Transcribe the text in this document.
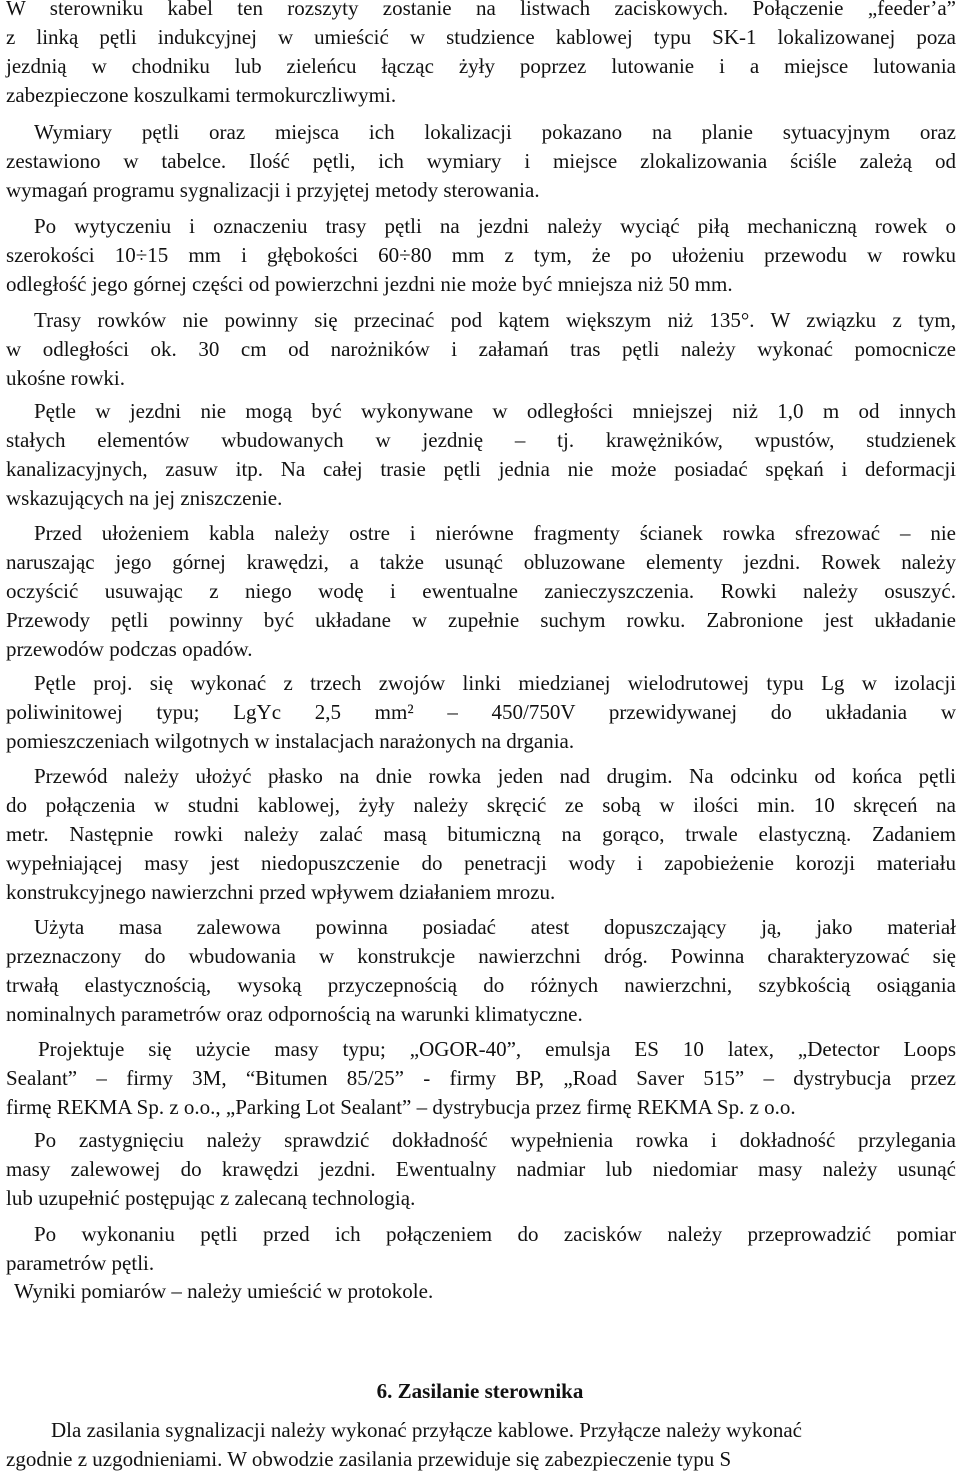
W sterowniku kabel ten rozszyty zostanie na listwach zaciskowych. Połączenie „feeder’a”
z linką pętli indukcyjnej w umieścić w studzience kablowej typu SK-1 lokalizowanej poza
jezdnią w chodniku lub zieleńcu łącząc żyły poprzez lutowanie i a miejsce lutowania
zabezpieczone koszulkami termokurczliwymi.
Wymiary pętli oraz miejsca ich lokalizacji pokazano na planie sytuacyjnym oraz
zestawiono w tabelce. Ilość pętli, ich wymiary i miejsce zlokalizowania ściśle zależą od
wymagań programu sygnalizacji i przyjętej metody sterowania.
Po wytyczeniu i oznaczeniu trasy pętli na jezdni należy wyciąć piłą mechaniczną rowek o
szerokości 10÷15 mm i głębokości 60÷80 mm z tym, że po ułożeniu przewodu w rowku
odległość jego górnej części od powierzchni jezdni nie może być mniejsza niż 50 mm.
Trasy rowków nie powinny się przecinać pod kątem większym niż 135°. W związku z tym,
w odległości ok. 30 cm od narożników i załamań tras pętli należy wykonać pomocnicze
ukośne rowki.
Pętle w jezdni nie mogą być wykonywane w odległości mniejszej niż 1,0 m od innych
stałych elementów wbudowanych w jezdnię – tj. krawężników, wpustów, studzienek
kanalizacyjnych, zasuw itp. Na całej trasie pętli jednia nie może posiadać spękań i deformacji
wskazujących na jej zniszczenie.
Przed ułożeniem kabla należy ostre i nierówne fragmenty ścianek rowka sfrezować – nie
naruszając jego górnej krawędzi, a także usunąć obluzowane elementy jezdni. Rowek należy
oczyścić usuwając z niego wodę i ewentualne zanieczyszczenia. Rowki należy osuszyć.
Przewody pętli powinny być układane w zupełnie suchym rowku. Zabronione jest układanie
przewodów podczas opadów.
Pętle proj. się wykonać z trzech zwojów linki miedzianej wielodrutowej typu Lg w izolacji
poliwinitowej typu; LgYc 2,5 mm² – 450/750V przewidywanej do układania w
pomieszczeniach wilgotnych w instalacjach narażonych na drgania.
Przewód należy ułożyć płasko na dnie rowka jeden nad drugim. Na odcinku od końca pętli
do połączenia w studni kablowej, żyły należy skręcić ze sobą w ilości min. 10 skręceń na
metr. Następnie rowki należy zalać masą bitumiczną na gorąco, trwale elastyczną. Zadaniem
wypełniającej masy jest niedopuszczenie do penetracji wody i zapobieżenie korozji materiału
konstrukcyjnego nawierzchni przed wpływem działaniem mrozu.
Użyta masa zalewowa powinna posiadać atest dopuszczający ją, jako materiał
przeznaczony do wbudowania w konstrukcje nawierzchni dróg. Powinna charakteryzować się
trwałą elastycznością, wysoką przyczepnością do różnych nawierzchni, szybkością osiągania
nominalnych parametrów oraz odpornością na warunki klimatyczne.
Projektuje się użycie masy typu; „OGOR-40”, emulsja ES 10 latex, „Detector Loops
Sealant” – firmy 3M, “Bitumen 85/25” - firmy BP, „Road Saver 515” – dystrybucja przez
firmę REKMA Sp. z o.o., „Parking Lot Sealant” – dystrybucja przez firmę REKMA Sp. z o.o.
Po zastygnięciu należy sprawdzić dokładność wypełnienia rowka i dokładność przylegania
masy zalewowej do krawędzi jezdni. Ewentualny nadmiar lub niedomiar masy należy usunąć
lub uzupełnić postępując z zalecaną technologią.
Po wykonaniu pętli przed ich połączeniem do zacisków należy przeprowadzić pomiar
parametrów pętli.
Wyniki pomiarów – należy umieścić w protokole.
6. Zasilanie sterownika
Dla zasilania sygnalizacji należy wykonać przyłącze kablowe. Przyłącze należy wykonać
zgodnie z uzgodnieniami. W obwodzie zasilania przewiduje się zabezpieczenie typu S
